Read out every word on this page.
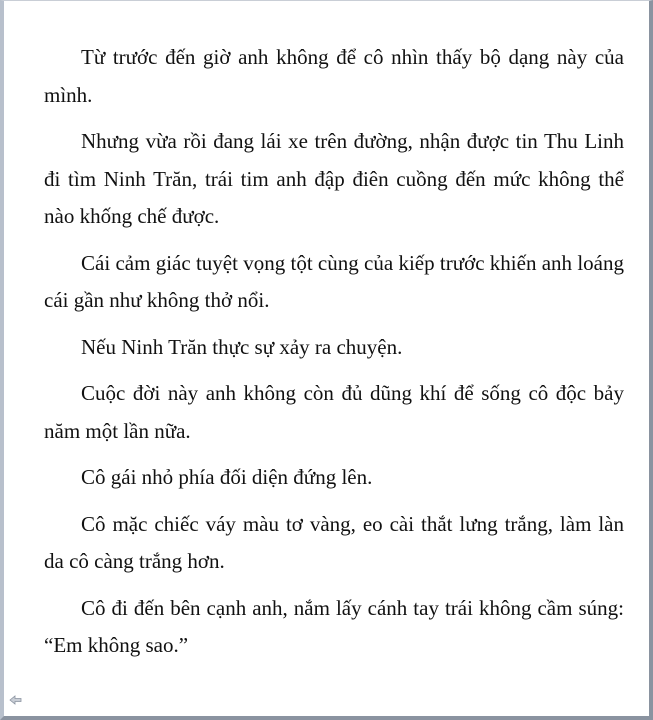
Từ trước đến giờ anh không để cô nhìn thấy bộ dạng này của mình.

Nhưng vừa rồi đang lái xe trên đường, nhận được tin Thu Linh đi tìm Ninh Trăn, trái tim anh đập điên cuồng đến mức không thể nào khống chế được.

Cái cảm giác tuyệt vọng tột cùng của kiếp trước khiến anh loáng cái gần như không thở nổi.

Nếu Ninh Trăn thực sự xảy ra chuyện.

Cuộc đời này anh không còn đủ dũng khí để sống cô độc bảy năm một lần nữa.

Cô gái nhỏ phía đối diện đứng lên.

Cô mặc chiếc váy màu tơ vàng, eo cài thắt lưng trắng, làm làn da cô càng trắng hơn.

Cô đi đến bên cạnh anh, nắm lấy cánh tay trái không cầm súng: “Em không sao.”
